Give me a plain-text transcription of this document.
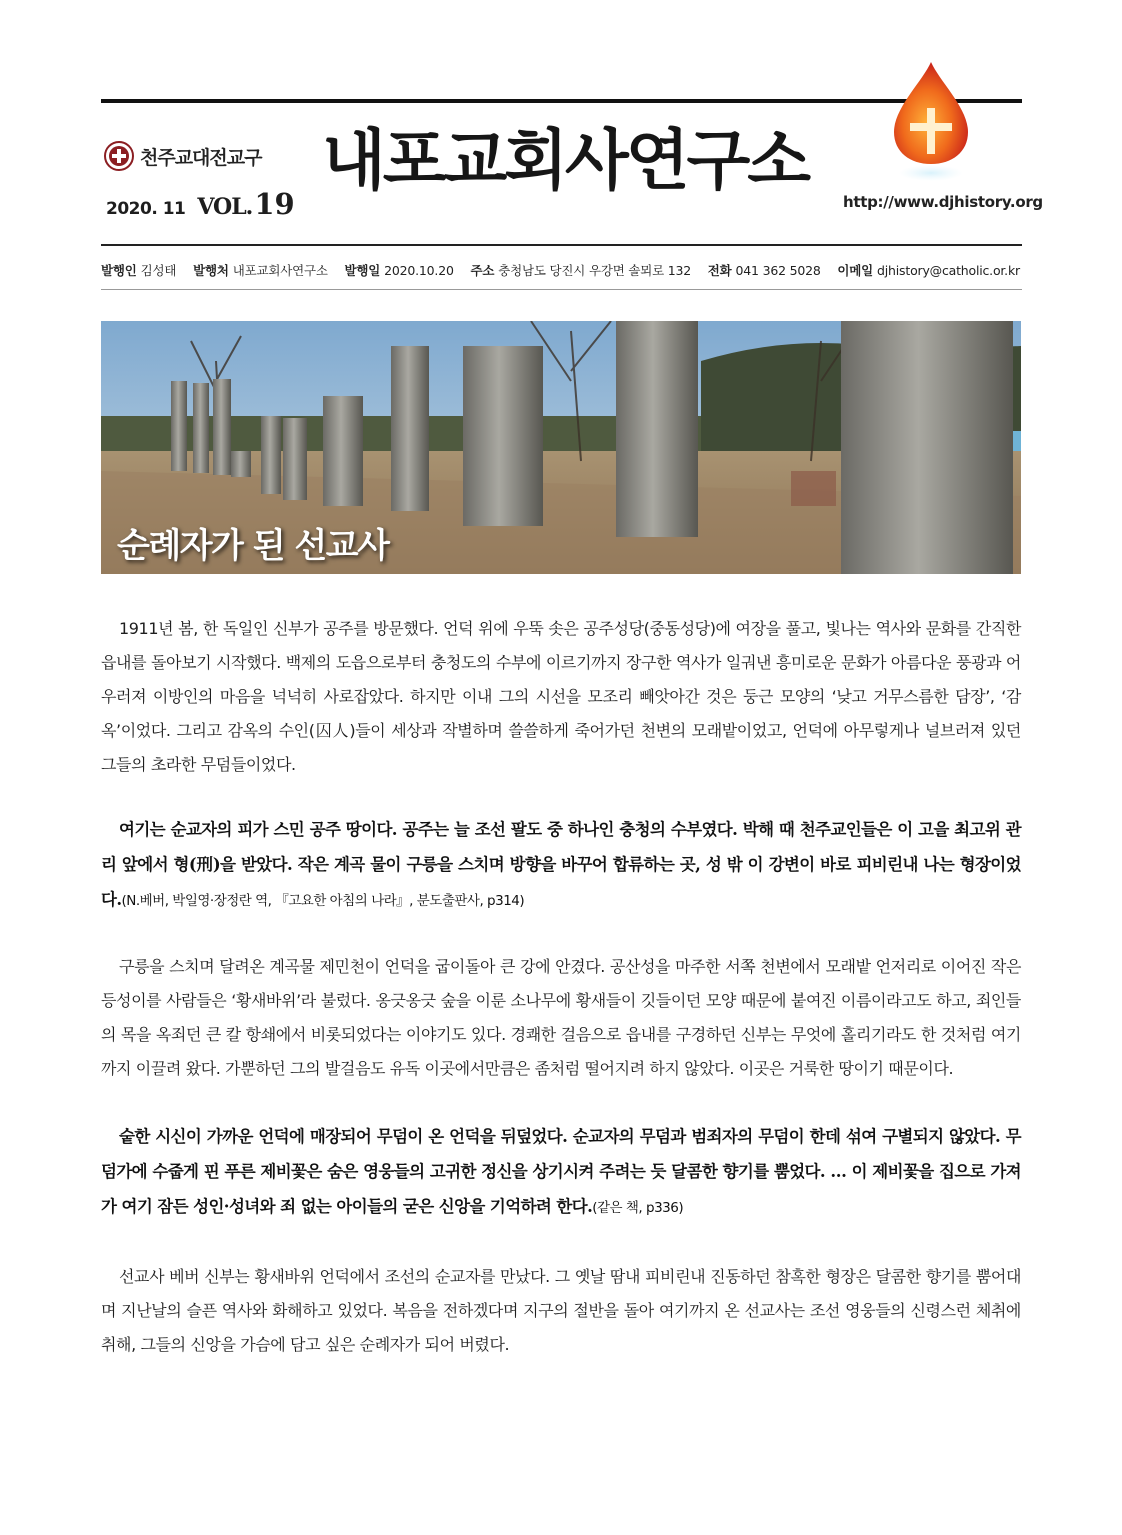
천주교대전교구
2020. 11 VOL. 19
내포교회사연구소
http://www.djhistory.org
발행인 김성태 발행처 내포교회사연구소 발행일 2020.10.20 주소 충청남도 당진시 우강면 솔뫼로 132 전화 041 362 5028 이메일 djhistory@catholic.or.kr
순례자가 된 선교사

1911년 봄, 한 독일인 신부가 공주를 방문했다. 언덕 위에 우뚝 솟은 공주성당(중동성당)에 여장을 풀고, 빛나는 역사와 문화를 간직한 읍내를 돌아보기 시작했다. 백제의 도읍으로부터 충청도의 수부에 이르기까지 장구한 역사가 일궈낸 흥미로운 문화가 아름다운 풍광과 어우러져 이방인의 마음을 넉넉히 사로잡았다. 하지만 이내 그의 시선을 모조리 빼앗아간 것은 둥근 모양의 ‘낮고 거무스름한 담장’, ‘감옥’이었다. 그리고 감옥의 수인(囚人)들이 세상과 작별하며 쓸쓸하게 죽어가던 천변의 모래밭이었고, 언덕에 아무렇게나 널브러져 있던 그들의 초라한 무덤들이었다.

여기는 순교자의 피가 스민 공주 땅이다. 공주는 늘 조선 팔도 중 하나인 충청의 수부였다. 박해 때 천주교인들은 이 고을 최고위 관리 앞에서 형(刑)을 받았다. 작은 계곡 물이 구릉을 스치며 방향을 바꾸어 합류하는 곳, 성 밖 이 강변이 바로 피비린내 나는 형장이었다.(N.베버, 박일영·장정란 역, 『고요한 아침의 나라』, 분도출판사, p314)

구릉을 스치며 달려온 계곡물 제민천이 언덕을 굽이돌아 큰 강에 안겼다. 공산성을 마주한 서쪽 천변에서 모래밭 언저리로 이어진 작은 등성이를 사람들은 ‘황새바위’라 불렀다. 옹긋옹긋 숲을 이룬 소나무에 황새들이 깃들이던 모양 때문에 붙여진 이름이라고도 하고, 죄인들의 목을 옥죄던 큰 칼 항쇄에서 비롯되었다는 이야기도 있다. 경쾌한 걸음으로 읍내를 구경하던 신부는 무엇에 홀리기라도 한 것처럼 여기까지 이끌려 왔다. 가뿐하던 그의 발걸음도 유독 이곳에서만큼은 좀처럼 떨어지려 하지 않았다. 이곳은 거룩한 땅이기 때문이다.

숱한 시신이 가까운 언덕에 매장되어 무덤이 온 언덕을 뒤덮었다. 순교자의 무덤과 범죄자의 무덤이 한데 섞여 구별되지 않았다. 무덤가에 수줍게 핀 푸른 제비꽃은 숨은 영웅들의 고귀한 정신을 상기시켜 주려는 듯 달콤한 향기를 뿜었다. … 이 제비꽃을 집으로 가져가 여기 잠든 성인·성녀와 죄 없는 아이들의 굳은 신앙을 기억하려 한다.(같은 책, p336)

선교사 베버 신부는 황새바위 언덕에서 조선의 순교자를 만났다. 그 옛날 땀내 피비린내 진동하던 참혹한 형장은 달콤한 향기를 뿜어대며 지난날의 슬픈 역사와 화해하고 있었다. 복음을 전하겠다며 지구의 절반을 돌아 여기까지 온 선교사는 조선 영웅들의 신령스런 체취에 취해, 그들의 신앙을 가슴에 담고 싶은 순례자가 되어 버렸다.
